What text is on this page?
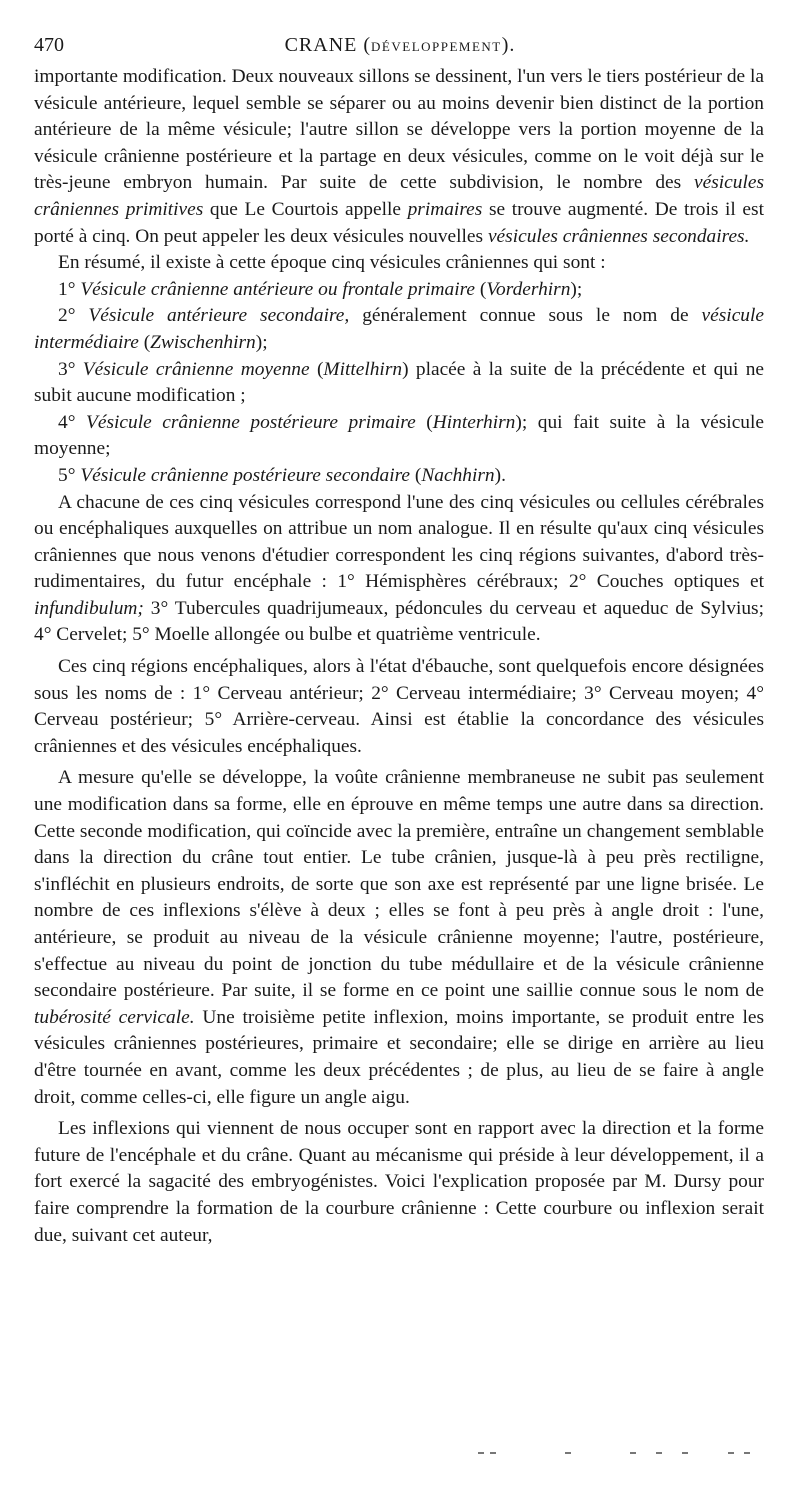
470	CRANE (DÉVELOPPEMENT).

importante modification. Deux nouveaux sillons se dessinent, l'un vers le tiers postérieur de la vésicule antérieure, lequel semble se séparer ou au moins devenir bien distinct de la portion antérieure de la même vésicule; l'autre sillon se développe vers la portion moyenne de la vésicule crânienne postérieure et la partage en deux vésicules, comme on le voit déjà sur le très-jeune embryon humain. Par suite de cette subdivision, le nombre des vésicules crâniennes primitives que Le Courtois appelle primaires se trouve augmenté. De trois il est porté à cinq. On peut appeler les deux vésicules nouvelles vésicules crâniennes secondaires.

En résumé, il existe à cette époque cinq vésicules crâniennes qui sont :

1° Vésicule crânienne antérieure ou frontale primaire (Vorderhirn);

2° Vésicule antérieure secondaire, généralement connue sous le nom de vésicule intermédiaire (Zwischenhirn);

3° Vésicule crânienne moyenne (Mittelhirn) placée à la suite de la précédente et qui ne subit aucune modification ;

4° Vésicule crânienne postérieure primaire (Hinterhirn); qui fait suite à la vésicule moyenne;

5° Vésicule crânienne postérieure secondaire (Nachhirn).

A chacune de ces cinq vésicules correspond l'une des cinq vésicules ou cellules cérébrales ou encéphaliques auxquelles on attribue un nom analogue. Il en résulte qu'aux cinq vésicules crâniennes que nous venons d'étudier correspondent les cinq régions suivantes, d'abord très-rudimentaires, du futur encéphale : 1° Hémisphères cérébraux; 2° Couches optiques et infundibulum; 3° Tubercules quadrijumeaux, pédoncules du cerveau et aqueduc de Sylvius; 4° Cervelet; 5° Moelle allongée ou bulbe et quatrième ventricule.

Ces cinq régions encéphaliques, alors à l'état d'ébauche, sont quelquefois encore désignées sous les noms de : 1° Cerveau antérieur; 2° Cerveau intermédiaire; 3° Cerveau moyen; 4° Cerveau postérieur; 5° Arrière-cerveau. Ainsi est établie la concordance des vésicules crâniennes et des vésicules encéphaliques.

A mesure qu'elle se développe, la voûte crânienne membraneuse ne subit pas seulement une modification dans sa forme, elle en éprouve en même temps une autre dans sa direction. Cette seconde modification, qui coïncide avec la première, entraîne un changement semblable dans la direction du crâne tout entier. Le tube crânien, jusque-là à peu près rectiligne, s'infléchit en plusieurs endroits, de sorte que son axe est représenté par une ligne brisée. Le nombre de ces inflexions s'élève à deux ; elles se font à peu près à angle droit : l'une, antérieure, se produit au niveau de la vésicule crânienne moyenne; l'autre, postérieure, s'effectue au niveau du point de jonction du tube médullaire et de la vésicule crânienne secondaire postérieure. Par suite, il se forme en ce point une saillie connue sous le nom de tubérosité cervicale. Une troisième petite inflexion, moins importante, se produit entre les vésicules crâniennes postérieures, primaire et secondaire; elle se dirige en arrière au lieu d'être tournée en avant, comme les deux précédentes ; de plus, au lieu de se faire à angle droit, comme celles-ci, elle figure un angle aigu.

Les inflexions qui viennent de nous occuper sont en rapport avec la direction et la forme future de l'encéphale et du crâne. Quant au mécanisme qui préside à leur développement, il a fort exercé la sagacité des embryogénistes. Voici l'explication proposée par M. Dursy pour faire comprendre la formation de la courbure crânienne : Cette courbure ou inflexion serait due, suivant cet auteur,
